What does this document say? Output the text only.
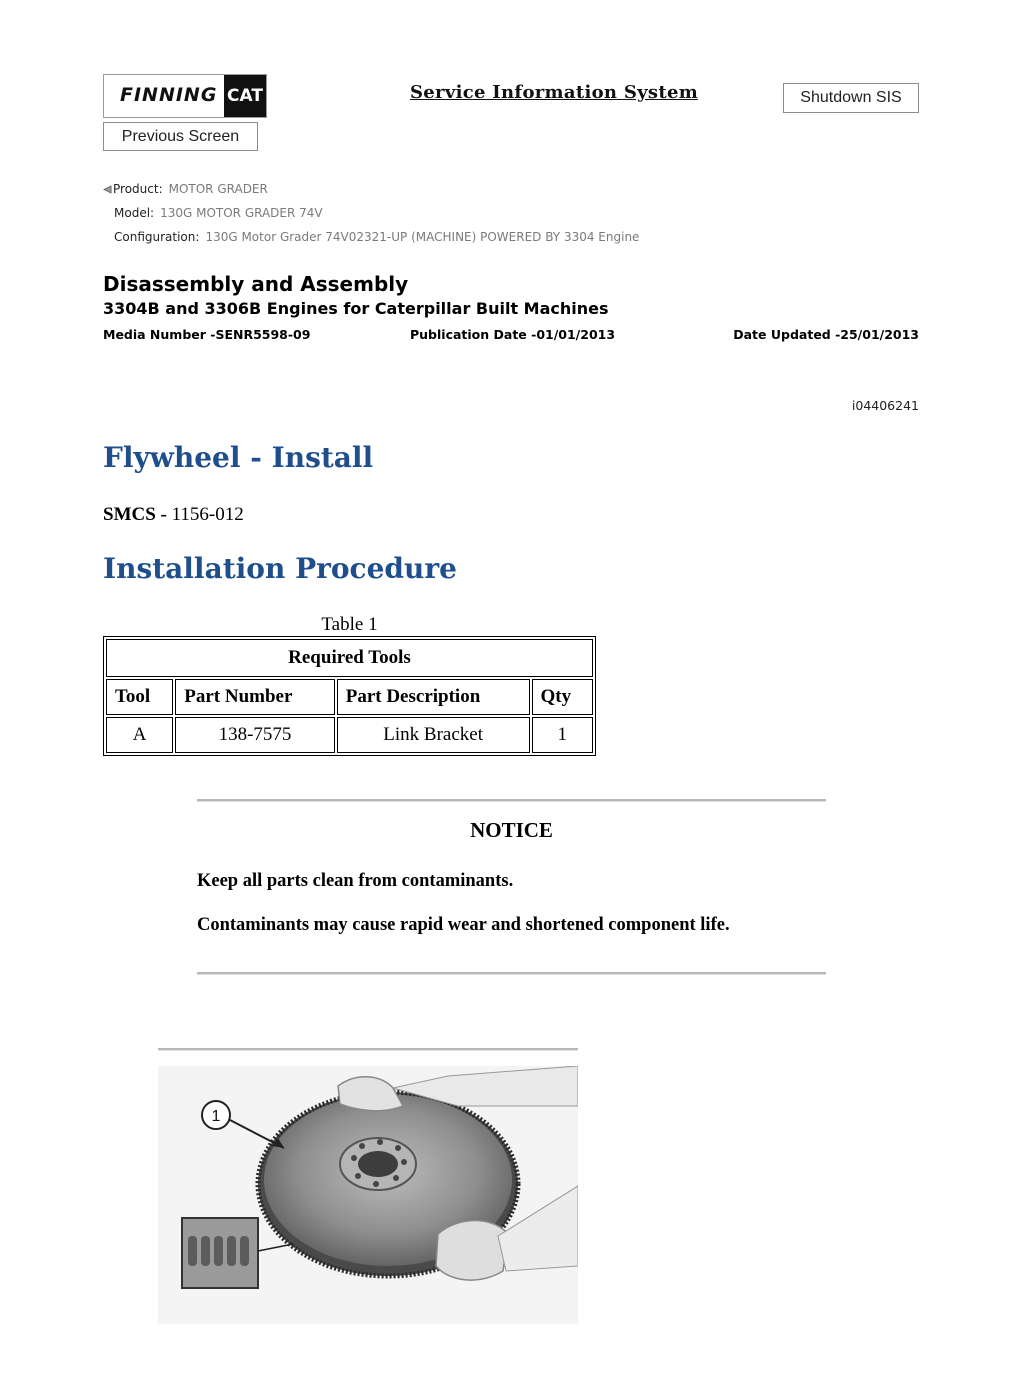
FINNING CAT	Service Information System	Shutdown SIS
Previous Screen
Product: MOTOR GRADER
Model: 130G MOTOR GRADER 74V
Configuration: 130G Motor Grader 74V02321-UP (MACHINE) POWERED BY 3304 Engine
Disassembly and Assembly
3304B and 3306B Engines for Caterpillar Built Machines
Media Number -SENR5598-09	Publication Date -01/01/2013	Date Updated -25/01/2013
i04406241
Flywheel - Install
SMCS - 1156-012
Installation Procedure
Table 1
Required Tools			
Tool	Part Number	Part Description	Qty
A	138-7575	Link Bracket	1
NOTICE
Keep all parts clean from contaminants.
Contaminants may cause rapid wear and shortened component life.
1
